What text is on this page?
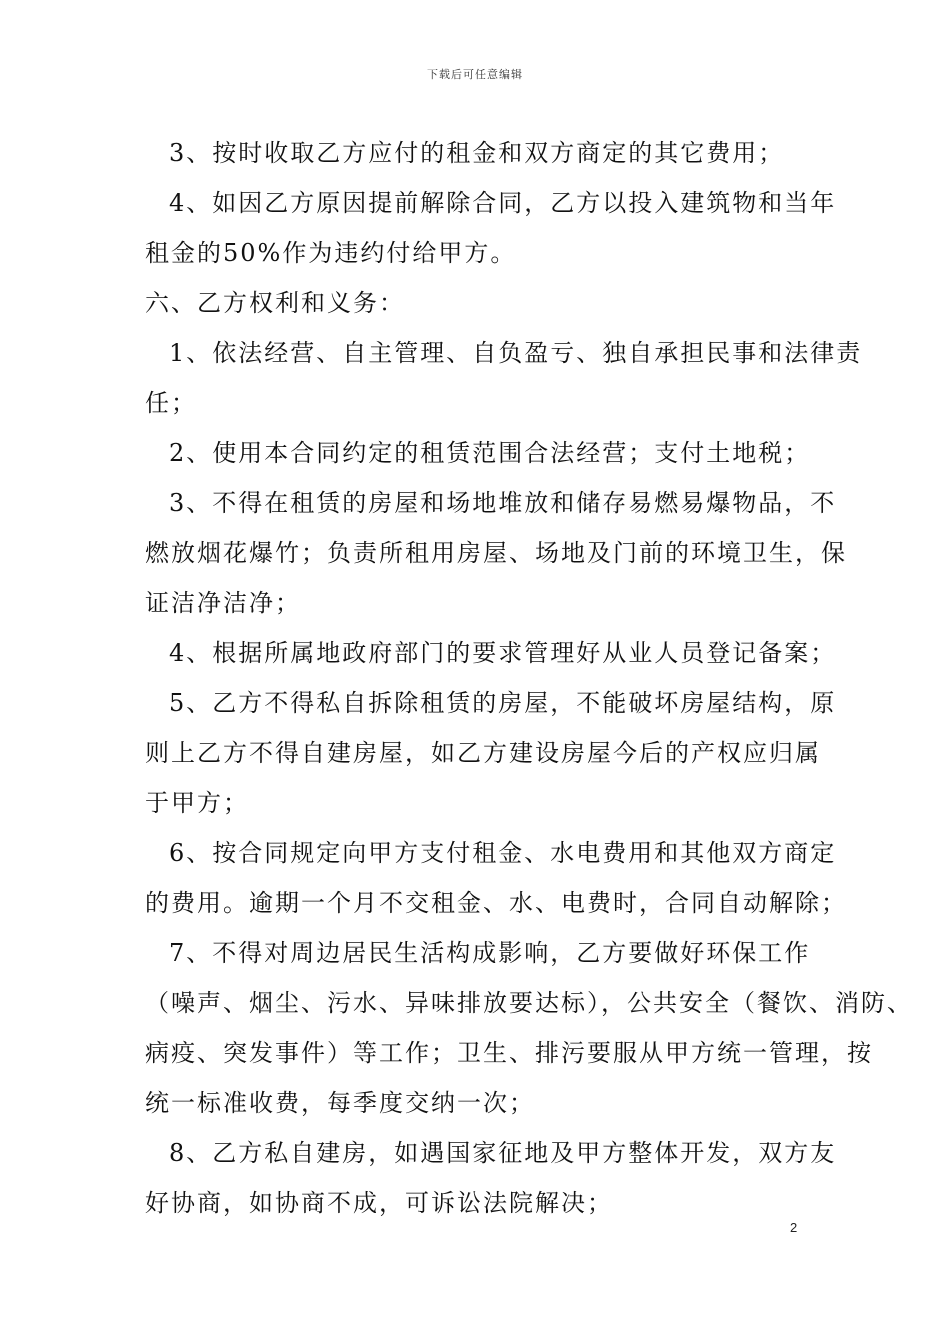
下载后可任意编辑
3、按时收取乙方应付的租金和双方商定的其它费用；
4、如因乙方原因提前解除合同，乙方以投入建筑物和当年
租金的50%作为违约付给甲方。
六、乙方权利和义务：
1、依法经营、自主管理、自负盈亏、独自承担民事和法律责
任；
2、使用本合同约定的租赁范围合法经营；支付土地税；
3、不得在租赁的房屋和场地堆放和储存易燃易爆物品，不
燃放烟花爆竹；负责所租用房屋、场地及门前的环境卫生，保
证洁净洁净；
4、根据所属地政府部门的要求管理好从业人员登记备案；
5、乙方不得私自拆除租赁的房屋，不能破坏房屋结构，原
则上乙方不得自建房屋，如乙方建设房屋今后的产权应归属
于甲方；
6、按合同规定向甲方支付租金、水电费用和其他双方商定
的费用。逾期一个月不交租金、水、电费时，合同自动解除；
7、不得对周边居民生活构成影响，乙方要做好环保工作
（噪声、烟尘、污水、异味排放要达标），公共安全（餐饮、消防、
病疫、突发事件）等工作；卫生、排污要服从甲方统一管理，按
统一标准收费，每季度交纳一次；
8、乙方私自建房，如遇国家征地及甲方整体开发，双方友
好协商，如协商不成，可诉讼法院解决；
2
